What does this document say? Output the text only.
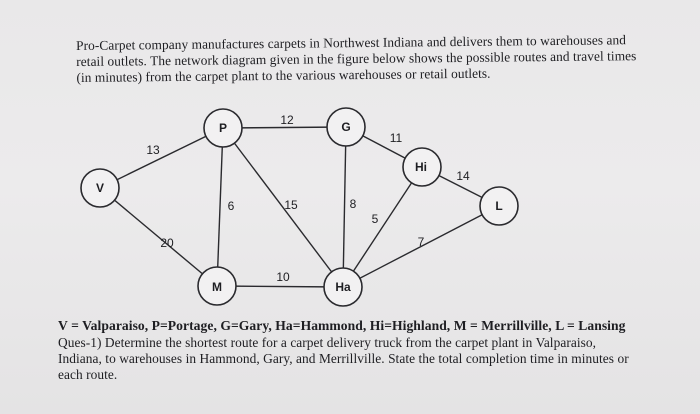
Pro-Carpet company manufactures carpets in Northwest Indiana and delivers them to warehouses and
retail outlets. The network diagram given in the figure below shows the possible routes and travel times
(in minutes) from the carpet plant to the various warehouses or retail outlets.

V
P	G
Hi
L
M	Ha
13
20
12
6	15	8
11
14
5
10
7

V = Valparaiso, P=Portage, G=Gary, Ha=Hammond, Hi=Highland, M = Merrillville, L = Lansing

Ques-1) Determine the shortest route for a carpet delivery truck from the carpet plant in Valparaiso,
Indiana, to warehouses in Hammond, Gary, and Merrillville. State the total completion time in minutes or
each route.
